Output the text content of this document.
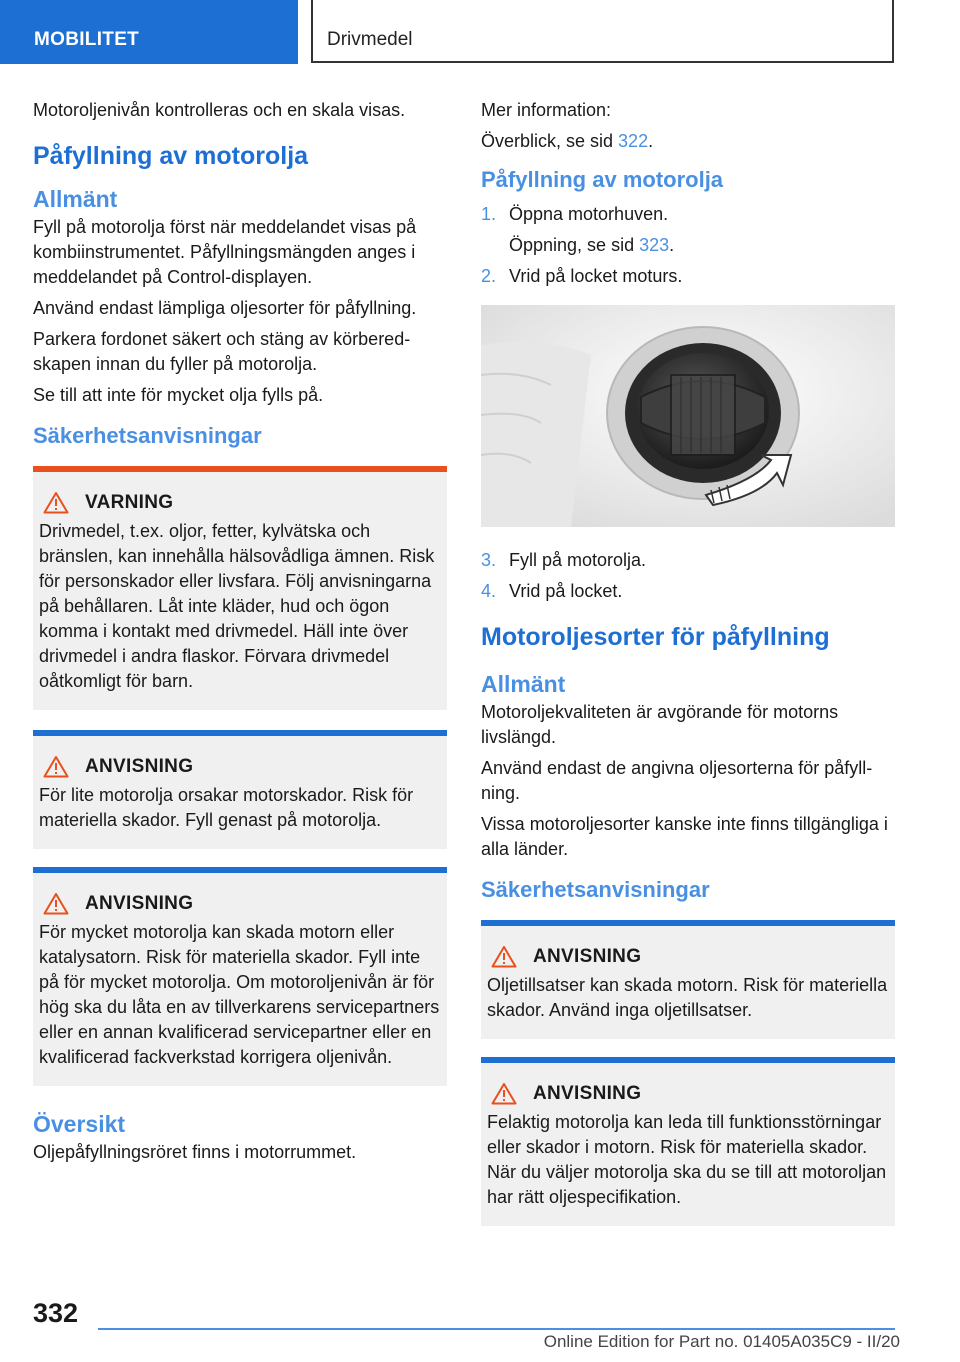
MOBILITET	Drivmedel

Motoroljenivån kontrolleras och en skala visas.

Påfyllning av motorolja
Allmänt

Fyll på motorolja först när meddelandet visas på kombiinstrumentet. Påfyllningsmängden anges i meddelandet på Control-displayen.

Använd endast lämpliga oljesorter för påfyllning.

Parkera fordonet säkert och stäng av körberedskapen innan du fyller på motorolja.

Se till att inte för mycket olja fylls på.

Säkerhetsanvisningar
VARNING

Drivmedel, t.ex. oljor, fetter, kylvätska och bränslen, kan innehålla hälsovådliga ämnen. Risk för personskador eller livsfara. Följ anvisningarna på behållaren. Låt inte kläder, hud och ögon komma i kontakt med drivmedel. Häll inte över drivmedel i andra flaskor. Förvara drivmedel oåtkomligt för barn.

ANVISNING

För lite motorolja orsakar motorskador. Risk för materiella skador. Fyll genast på motorolja.

ANVISNING

För mycket motorolja kan skada motorn eller katalysatorn. Risk för materiella skador. Fyll inte på för mycket motorolja. Om motoroljenivån är för hög ska du låta en av tillverkarens servicepartners eller en annan kvalificerad servicepartner eller en kvalificerad fackverkstad korrigera oljenivån.

Översikt

Oljepåfyllningsröret finns i motorrummet.

Mer information:

Överblick, se sid 322.

Påfyllning av motorolja
1. Öppna motorhuven.
Öppning, se sid 323.
2. Vrid på locket moturs.
3. Fyll på motorolja.
4. Vrid på locket.
Motoroljesorter för påfyllning
Allmänt

Motoroljekvaliteten är avgörande för motorns livslängd.

Använd endast de angivna oljesorterna för påfyllning.

Vissa motoroljesorter kanske inte finns tillgängliga i alla länder.

Säkerhetsanvisningar
ANVISNING

Oljetillsatser kan skada motorn. Risk för materiella skador. Använd inga oljetillsatser.

ANVISNING

Felaktig motorolja kan leda till funktionsstörningar eller skador i motorn. Risk för materiella skador. När du väljer motorolja ska du se till att motoroljan har rätt oljespecifikation.

332
Online Edition for Part no. 01405A035C9 - II/20
